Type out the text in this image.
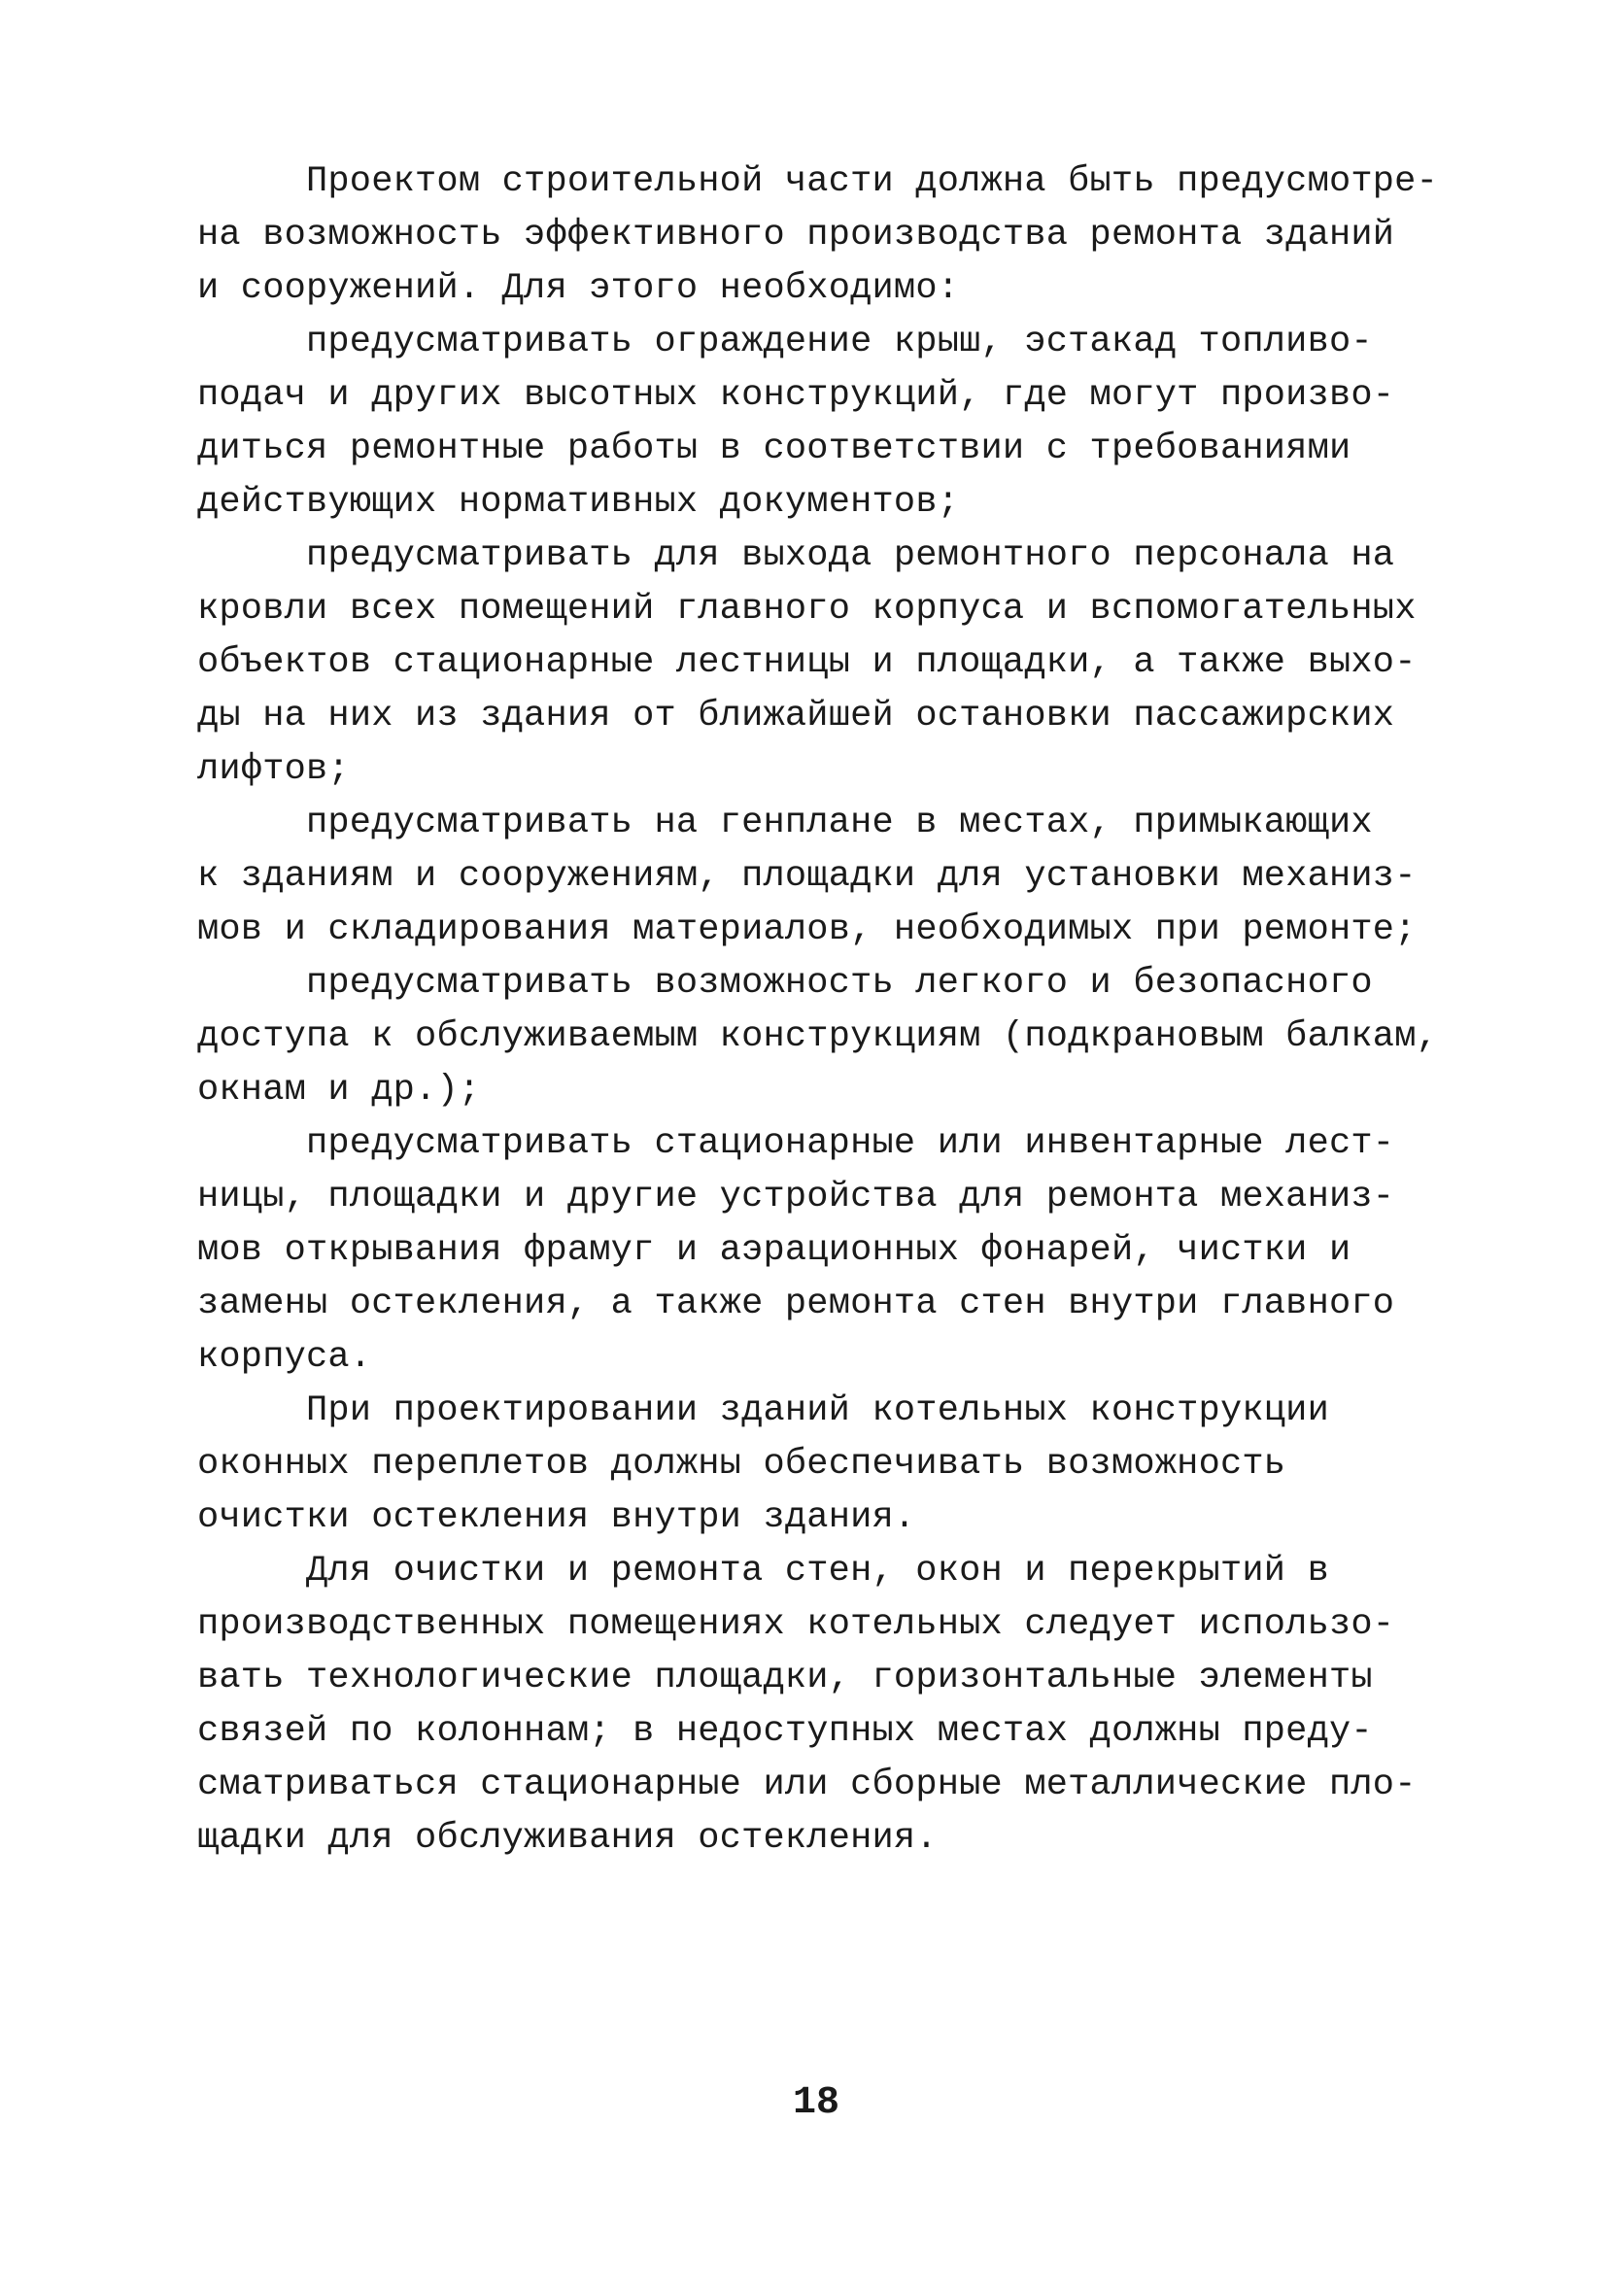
Проектом строительной части должна быть предусмотре-
на возможность эффективного производства ремонта зданий
и сооружений. Для этого необходимо:
предусматривать ограждение крыш, эстакад топливо-
подач и других высотных конструкций, где могут произво-
диться ремонтные работы в соответствии с требованиями
действующих нормативных документов;
предусматривать для выхода ремонтного персонала на
кровли всех помещений главного корпуса и вспомогательных
объектов стационарные лестницы и площадки, а также выхо-
ды на них из здания от ближайшей остановки пассажирских
лифтов;
предусматривать на генплане в местах, примыкающих
к зданиям и сооружениям, площадки для установки механиз-
мов и складирования материалов, необходимых при ремонте;
предусматривать возможность легкого и безопасного
доступа к обслуживаемым конструкциям (подкрановым балкам,
окнам и др.);
предусматривать стационарные или инвентарные лест-
ницы, площадки и другие устройства для ремонта механиз-
мов открывания фрамуг и аэрационных фонарей, чистки и
замены остекления, а также ремонта стен внутри главного
корпуса.
При проектировании зданий котельных конструкции
оконных переплетов должны обеспечивать возможность
очистки остекления внутри здания.
Для очистки и ремонта стен, окон и перекрытий в
производственных помещениях котельных следует использо-
вать технологические площадки, горизонтальные элементы
связей по колоннам; в недоступных местах должны преду-
сматриваться стационарные или сборные металлические пло-
щадки для обслуживания остекления.
18
